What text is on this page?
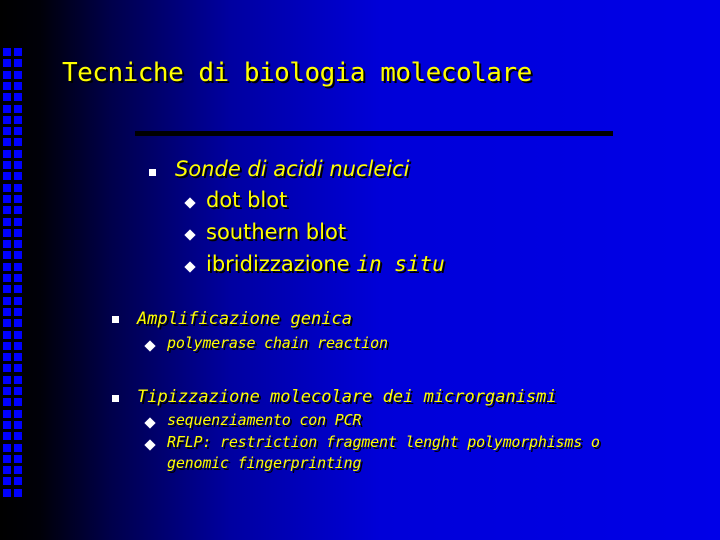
Tecniche di biologia molecolare
Sonde di acidi nucleici
dot blot
southern blot
ibridizzazione in situ
Amplificazione genica
polymerase chain reaction
Tipizzazione molecolare dei microrganismi
sequenziamento con PCR
RFLP: restriction fragment lenght polymorphisms o
genomic fingerprinting
